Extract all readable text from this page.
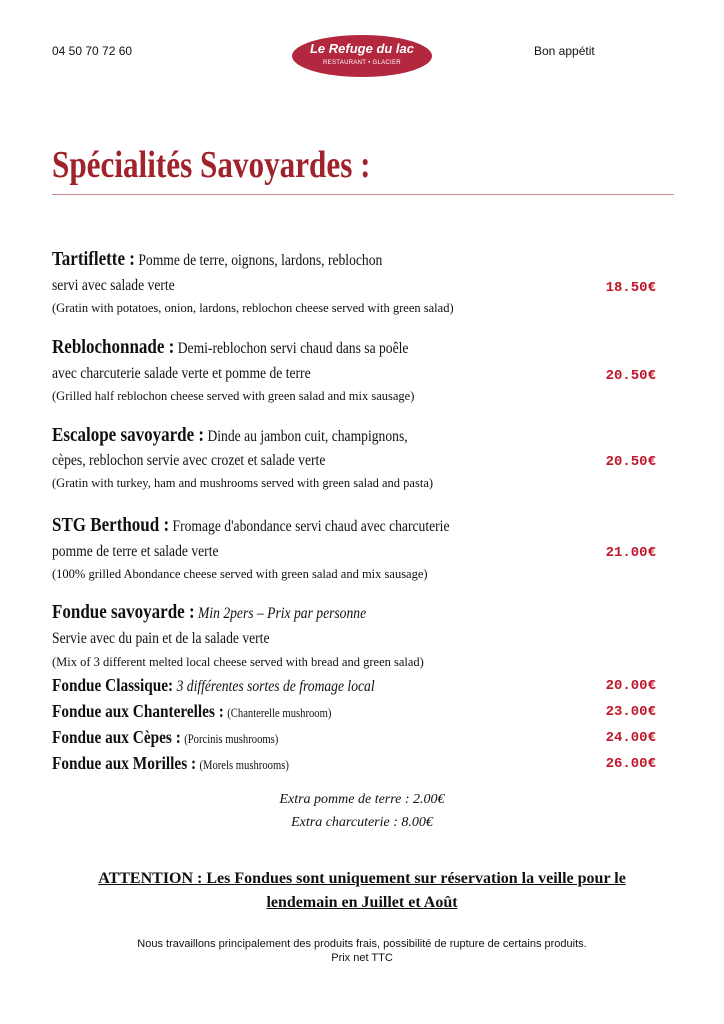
04 50 70 72 60	Le Refuge du lac
RESTAURANT • GLACIER
Bon appétit
Spécialités Savoyardes :
Tartiflette : Pomme de terre, oignons, lardons, reblochon
servi avec salade verte	18.50€
(Gratin with potatoes, onion, lardons, reblochon cheese served with green salad)
Reblochonnade : Demi-reblochon servi chaud dans sa poêle
avec charcuterie salade verte et pomme de terre	20.50€
(Grilled half reblochon cheese served with green salad and mix sausage)
Escalope savoyarde : Dinde au jambon cuit, champignons,
cèpes, reblochon servie avec crozet et salade verte	20.50€
(Gratin with turkey, ham and mushrooms served with green salad and pasta)
STG Berthoud : Fromage d'abondance servi chaud avec charcuterie
pomme de terre et salade verte	21.00€
(100% grilled Abondance cheese served with green salad and mix sausage)
Fondue savoyarde : Min 2pers – Prix par personne
Servie avec du pain et de la salade verte
(Mix of 3 different melted local cheese served with bread and green salad)
Fondue Classique: 3 différentes sortes de fromage local	20.00€
Fondue aux Chanterelles : (Chanterelle mushroom)	23.00€
Fondue aux Cèpes : (Porcinis mushrooms)	24.00€
Fondue aux Morilles : (Morels mushrooms)	26.00€
Extra pomme de terre : 2.00€
Extra charcuterie : 8.00€
ATTENTION : Les Fondues sont uniquement sur réservation la veille pour le
lendemain en Juillet et Août
Nous travaillons principalement des produits frais, possibilité de rupture de certains produits.
Prix net TTC
